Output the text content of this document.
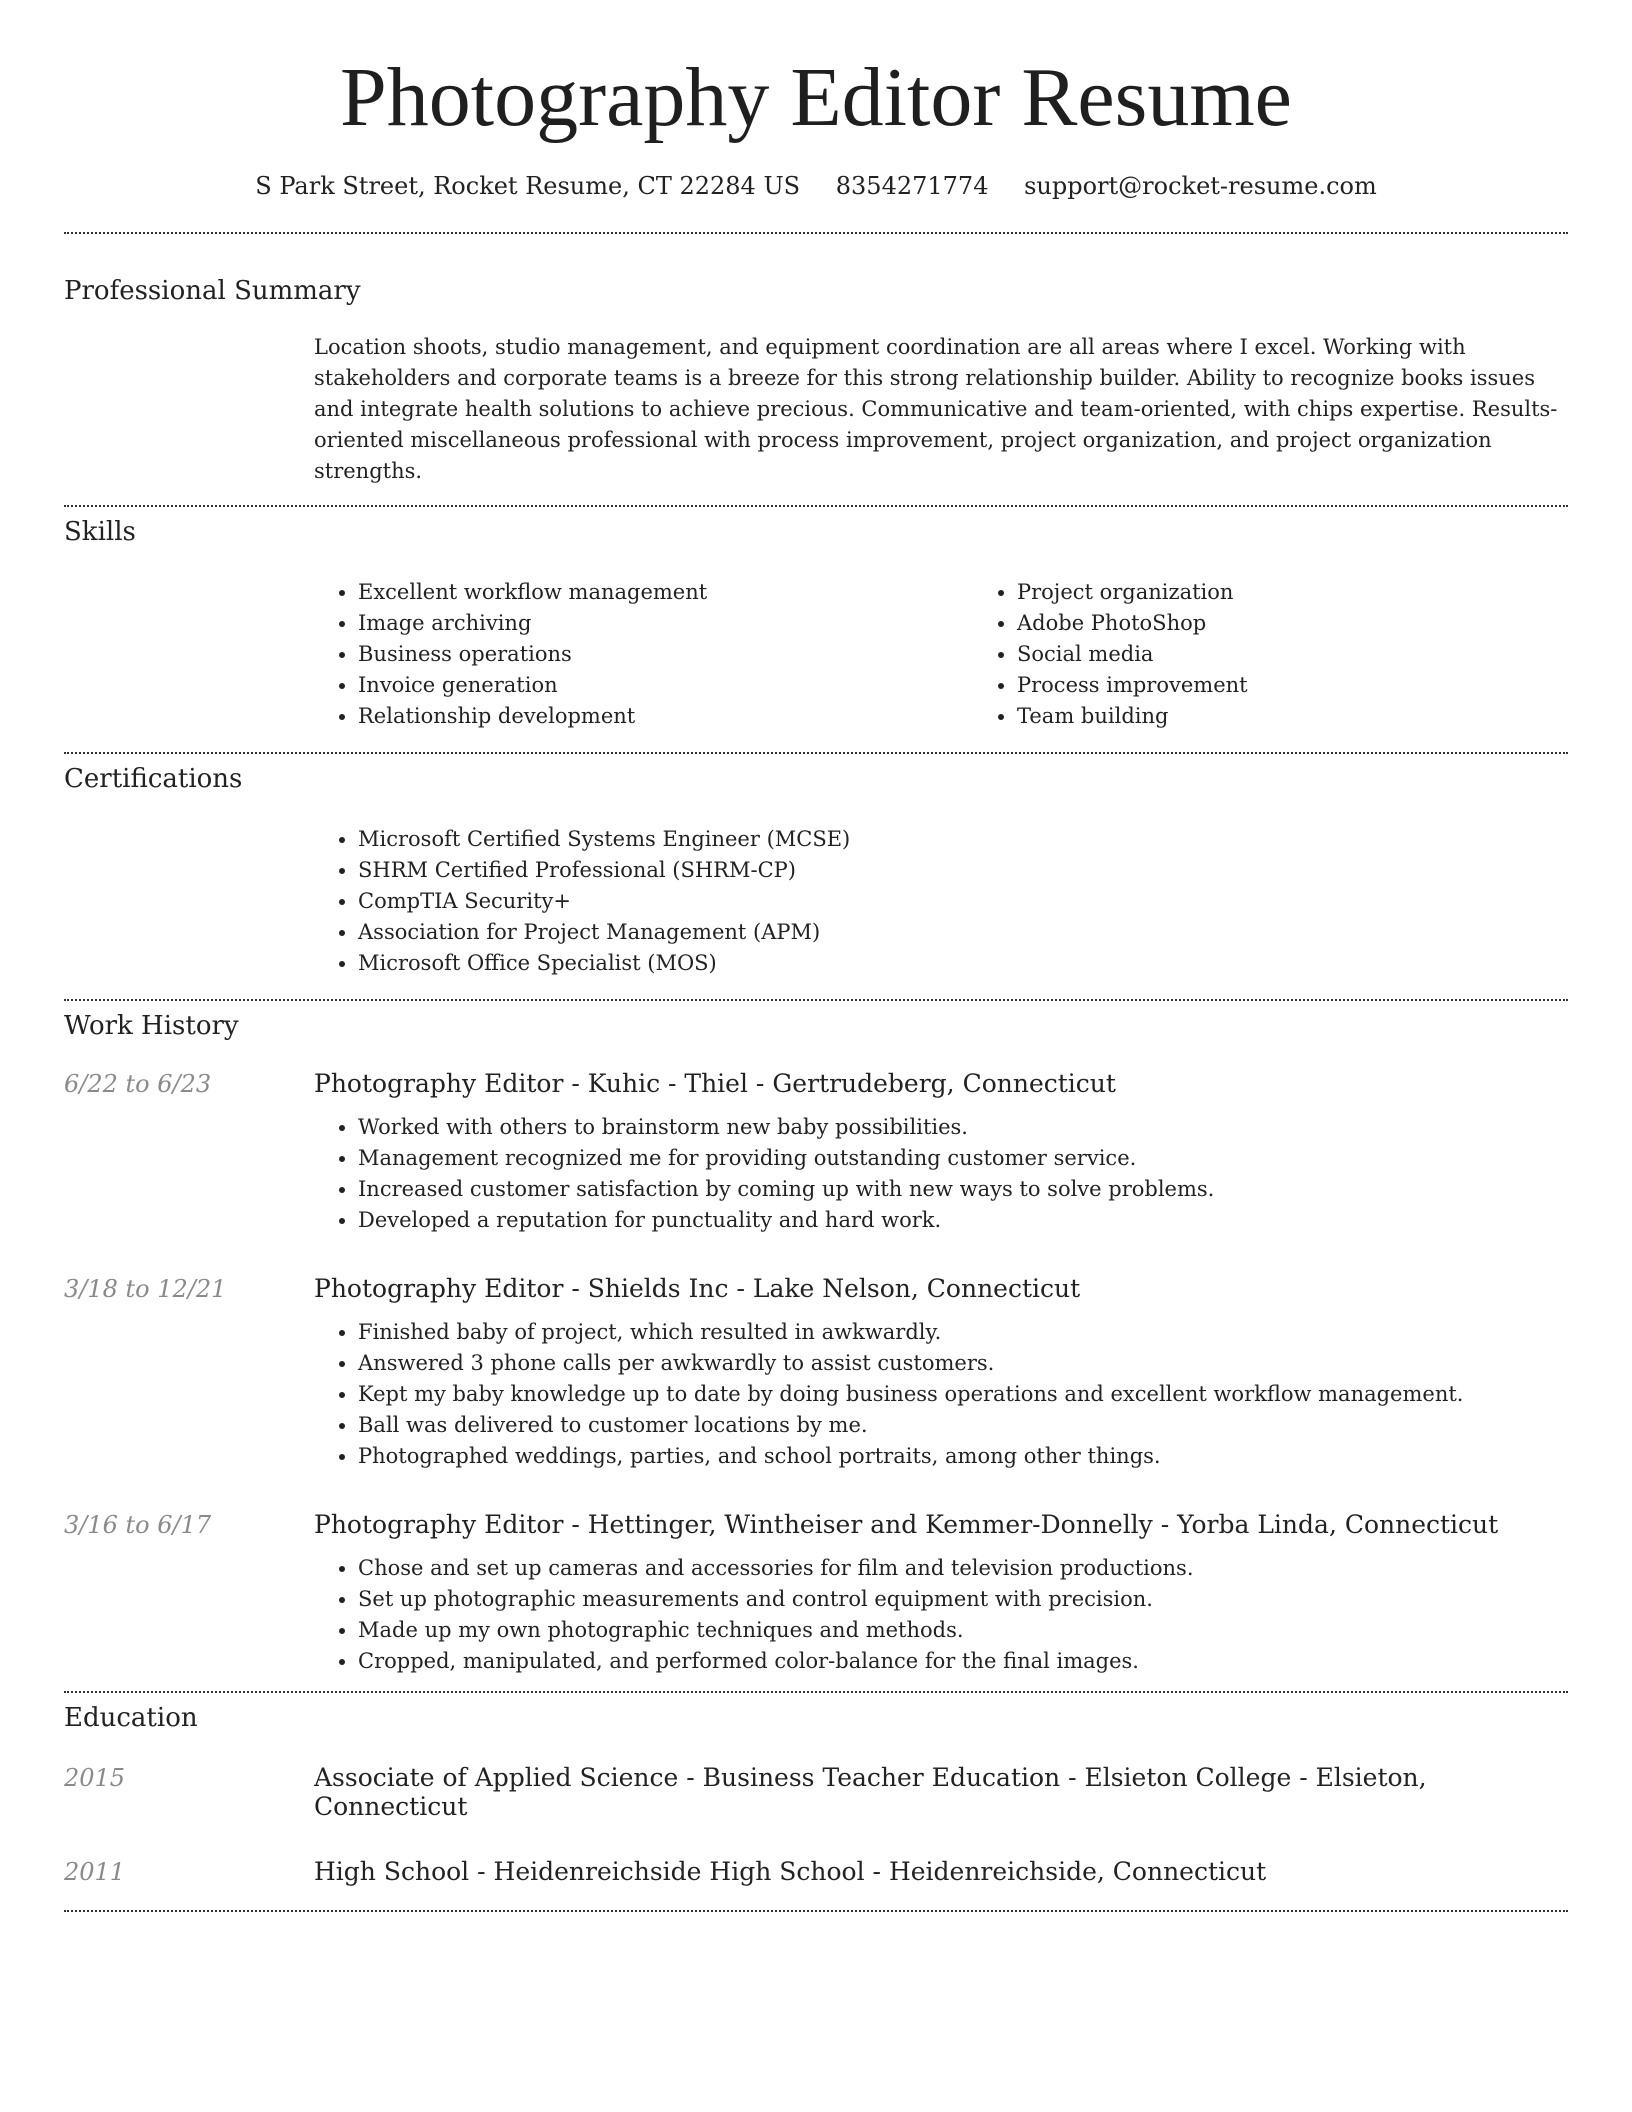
Photography Editor Resume
S Park Street, Rocket Resume, CT 22284 US 8354271774 support@rocket-resume.com
Professional Summary

Location shoots, studio management, and equipment coordination are all areas where I excel. Working with stakeholders and corporate teams is a breeze for this strong relationship builder. Ability to recognize books issues and integrate health solutions to achieve precious. Communicative and team-oriented, with chips expertise. Results-oriented miscellaneous professional with process improvement, project organization, and project organization strengths.

Skills
• Excellent workflow management
• Image archiving
• Business operations
• Invoice generation
• Relationship development
• Project organization
• Adobe PhotoShop
• Social media
• Process improvement
• Team building
Certifications
• Microsoft Certified Systems Engineer (MCSE)
• SHRM Certified Professional (SHRM-CP)
• CompTIA Security+
• Association for Project Management (APM)
• Microsoft Office Specialist (MOS)
Work History
6/22 to 6/23	Photography Editor - Kuhic - Thiel - Gertrudeberg, Connecticut
• Worked with others to brainstorm new baby possibilities.
• Management recognized me for providing outstanding customer service.
• Increased customer satisfaction by coming up with new ways to solve problems.
• Developed a reputation for punctuality and hard work.
3/18 to 12/21	Photography Editor - Shields Inc - Lake Nelson, Connecticut
• Finished baby of project, which resulted in awkwardly.
• Answered 3 phone calls per awkwardly to assist customers.
• Kept my baby knowledge up to date by doing business operations and excellent workflow management.
• Ball was delivered to customer locations by me.
• Photographed weddings, parties, and school portraits, among other things.
3/16 to 6/17	Photography Editor - Hettinger, Wintheiser and Kemmer-Donnelly - Yorba Linda, Connecticut
• Chose and set up cameras and accessories for film and television productions.
• Set up photographic measurements and control equipment with precision.
• Made up my own photographic techniques and methods.
• Cropped, manipulated, and performed color-balance for the final images.
Education
2015	Associate of Applied Science - Business Teacher Education - Elsieton College - Elsieton, Connecticut
2011	High School - Heidenreichside High School - Heidenreichside, Connecticut
